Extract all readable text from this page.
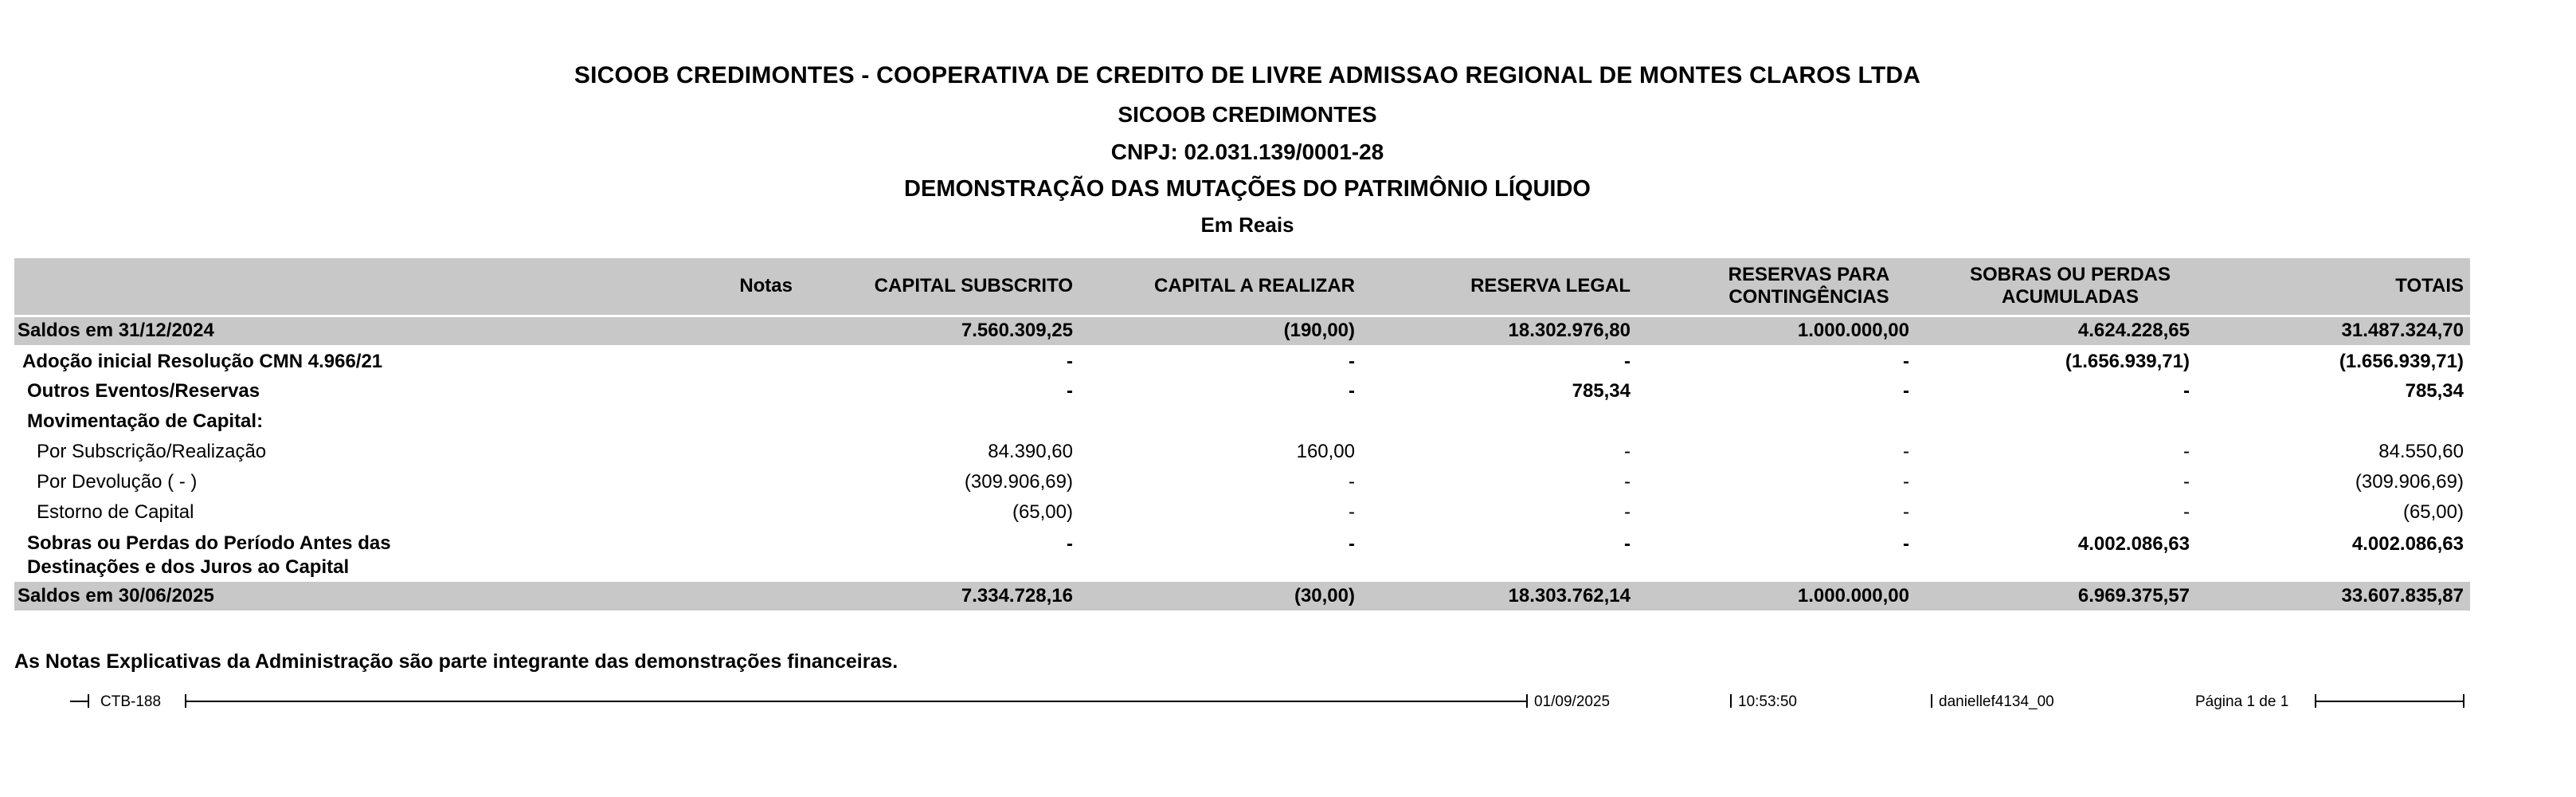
SICOOB CREDIMONTES - COOPERATIVA DE CREDITO DE LIVRE ADMISSAO REGIONAL DE MONTES CLAROS LTDA
SICOOB CREDIMONTES
CNPJ: 02.031.139/0001-28
DEMONSTRAÇÃO DAS MUTAÇÕES DO PATRIMÔNIO LÍQUIDO
Em Reais
	Notas	CAPITAL SUBSCRITO	CAPITAL A REALIZAR	RESERVA LEGAL	RESERVAS PARA CONTINGÊNCIAS	SOBRAS OU PERDAS ACUMULADAS	TOTAIS
Saldos em 31/12/2024		7.560.309,25	(190,00)	18.302.976,80	1.000.000,00	4.624.228,65	31.487.324,70
Adoção inicial Resolução CMN 4.966/21		-	-	-	-	(1.656.939,71)	(1.656.939,71)
Outros Eventos/Reservas		-	-	785,34	-	-	785,34
Movimentação de Capital:							
Por Subscrição/Realização		84.390,60	160,00	-	-	-	84.550,60
Por Devolução ( - )		(309.906,69)	-	-	-	-	(309.906,69)
Estorno de Capital		(65,00)	-	-	-	-	(65,00)
Sobras ou Perdas do Período Antes das Destinações e dos Juros ao Capital		-	-	-	-	4.002.086,63	4.002.086,63
Saldos em 30/06/2025		7.334.728,16	(30,00)	18.303.762,14	1.000.000,00	6.969.375,57	33.607.835,87

As Notas Explicativas da Administração são parte integrante das demonstrações financeiras.

CTB-188	01/09/2025	10:53:50	daniellef4134_00	Página 1 de 1
